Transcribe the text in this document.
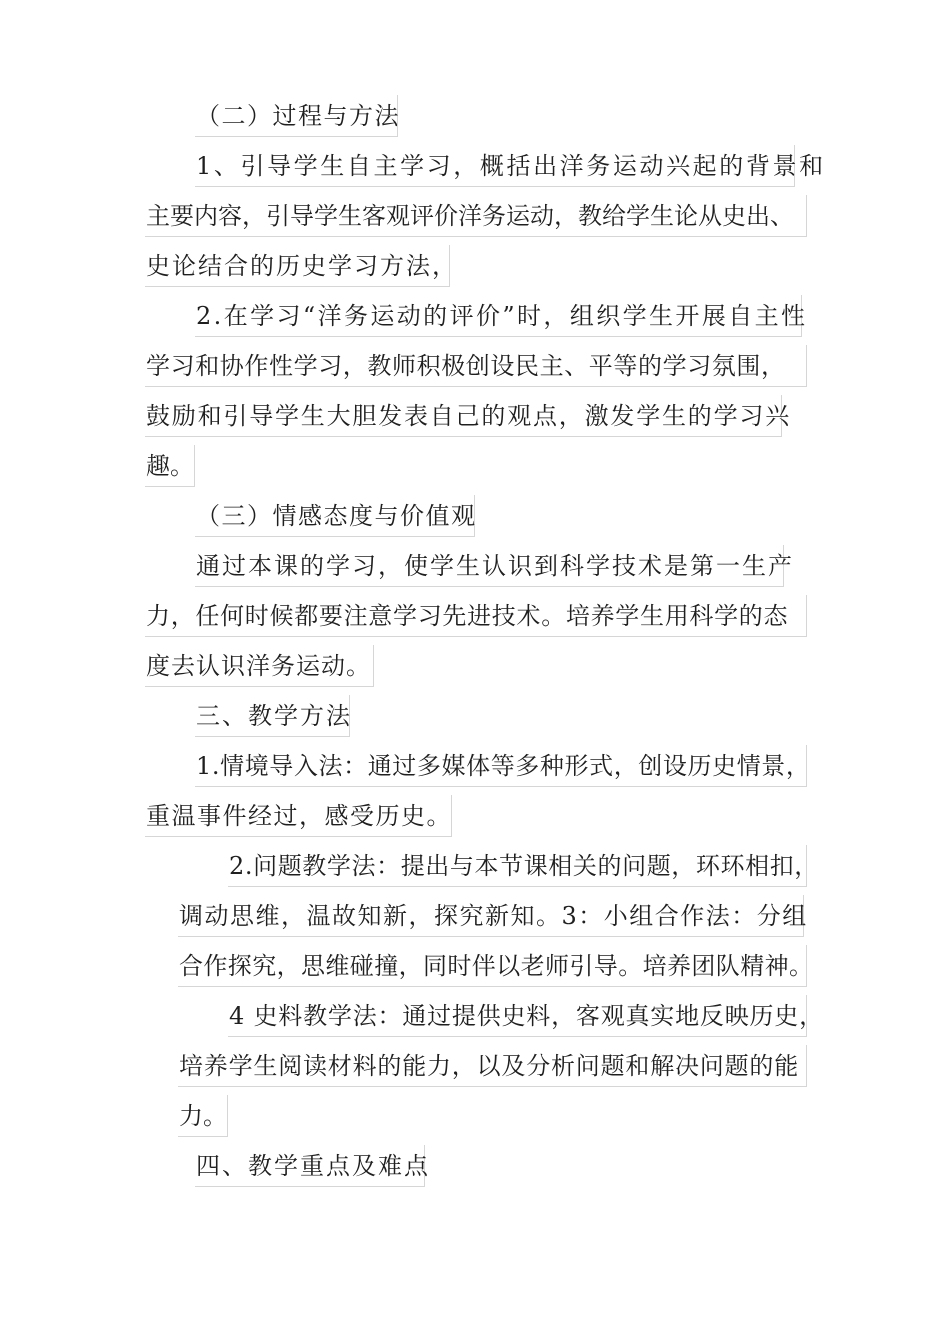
（二）过程与方法
1、引导学生自主学习，概括出洋务运动兴起的背景和
主要内容，引导学生客观评价洋务运动，教给学生论从史出、
史论结合的历史学习方法，
2.在学习“洋务运动的评价”时，组织学生开展自主性
学习和协作性学习，教师积极创设民主、平等的学习氛围，
鼓励和引导学生大胆发表自己的观点，激发学生的学习兴
趣。
（三）情感态度与价值观
通过本课的学习，使学生认识到科学技术是第一生产
力，任何时候都要注意学习先进技术。培养学生用科学的态
度去认识洋务运动。
三、教学方法
1.情境导入法：通过多媒体等多种形式，创设历史情景，
重温事件经过，感受历史。
2.问题教学法：提出与本节课相关的问题，环环相扣，
调动思维，温故知新，探究新知。3：小组合作法：分组
合作探究，思维碰撞，同时伴以老师引导。培养团队精神。
4 史料教学法：通过提供史料，客观真实地反映历史，
培养学生阅读材料的能力，以及分析问题和解决问题的能
力。
四、教学重点及难点
